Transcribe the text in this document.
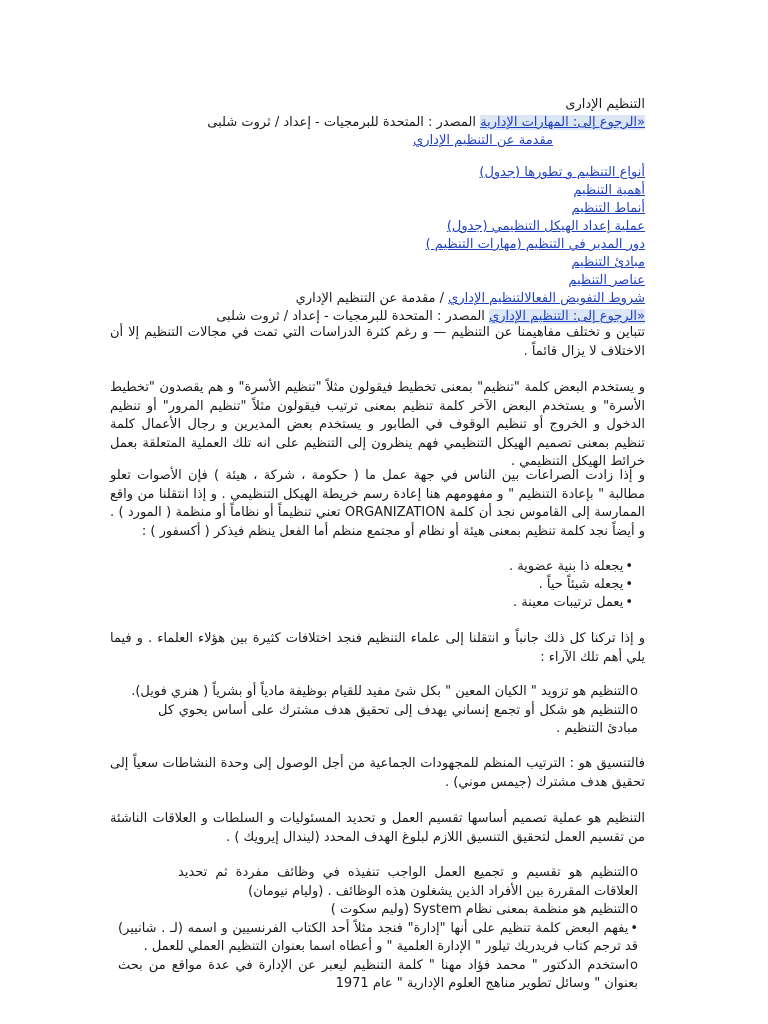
التنظيم الإدارى
«الرجوع إلى: المهارات الإدارية المصدر : المتحدة للبرمجيات - إعداد / ثروت شلبى
مقدمة عن التنظيم الإداري
أنواع التنظيم و تطورها (جدول)
أهمية التنظيم
أنماط التنظيم
عملية إعداد الهيكل التنظيمي (جدول)
دور المدير في التنظيم (مهارات التنظيم )
مبادئ التنظيم
عناصر التنظيم
شروط التفويض الفعالالتنظيم الإداري / مقدمة عن التنظيم الإداري
«الرجوع إلى: التنظيم الإداري المصدر : المتحدة للبرمجيات - إعداد / ثروت شلبى
تتباين و تختلف مفاهيمنا عن التنظيم — و رغم كثرة الدراسات التي تمت في مجالات التنظيم إلا أن الاختلاف لا يزال قائماً .
و يستخدم البعض كلمة "تنظيم" بمعنى تخطيط فيقولون مثلاً "تنظيم الأسرة" و هم يقصدون "تخطيط الأسرة" و يستخدم البعض الآخر كلمة تنظيم بمعنى ترتيب فيقولون مثلاً "تنظيم المرور" أو تنظيم الدخول و الخروج أو تنظيم الوقوف في الطابور و يستخدم بعض المديرين و رجال الأعمال كلمة تنظيم بمعنى تصميم الهيكل التنظيمي فهم ينظرون إلى التنظيم على انه تلك العملية المتعلقة بعمل خرائط الهيكل التنظيمي .
و إذا زادت الصراعات بين الناس في جهة عمل ما ( حكومة ، شركة ، هيئة ) فإن الأصوات تعلو مطالبة " بإعادة التنظيم " و مفهومهم هنا إعادة رسم خريطة الهيكل التنظيمي . و إذا انتقلنا من واقع الممارسة إلى القاموس نجد أن كلمة ORGANIZATION تعني تنظيماً أو نظاماً أو منظمة ( المورد ) . و أيضاً نجد كلمة تنظيم بمعنى هيئة أو نظام أو مجتمع منظم أما الفعل ينظم فيذكر ( أكسفور ) :
• يجعله ذا بنية عضوية .
• يجعله شيئاً حياً .
• يعمل ترتيبات معينة .
و إذا تركنا كل ذلك جانباً و انتقلنا إلى علماء التنظيم فنجد اختلافات كثيرة بين هؤلاء العلماء . و فيما يلي أهم تلك الآراء :
o التنظيم هو تزويد " الكيان المعين " بكل شئ مفيد للقيام بوظيفة مادياً أو بشرياً ( هنري فويل).
o التنظيم هو شكل أو تجمع إنساني يهدف إلى تحقيق هدف مشترك على أساس يحوي كل مبادئ التنظيم .
فالتنسيق هو : الترتيب المنظم للمجهودات الجماعية من أجل الوصول إلى وحدة النشاطات سعياً إلى تحقيق هدف مشترك (جيمس موني) .
التنظيم هو عملية تصميم أساسها تقسيم العمل و تحديد المسئوليات و السلطات و العلاقات الناشئة من تقسيم العمل لتحقيق التنسيق اللازم لبلوغ الهدف المحدد (ليندال إيرويك ) .
o التنظيم هو تقسيم و تجميع العمل الواجب تنفيذه في وظائف مفردة ثم تحديد العلاقات المقررة بين الأفراد الذين يشغلون هذه الوظائف . (وليام نيومان)
o التنظيم هو منظمة بمعنى نظام System (وليم سكوت )
• يفهم البعض كلمة تنظيم على أنها "إدارة" فنجد مثلاً أحد الكتاب الفرنسيين و اسمه (لـ . شانيير) قد ترجم كتاب فريدريك تيلور " الإدارة العلمية " و أعطاه اسما بعنوان التنظيم العملي للعمل .
o استخدم الدكتور " محمد فؤاد مهنا " كلمة التنظيم ليعبر عن الإدارة في عدة مواقع من بحث بعنوان " وسائل تطوير مناهج العلوم الإدارية " عام 1971
